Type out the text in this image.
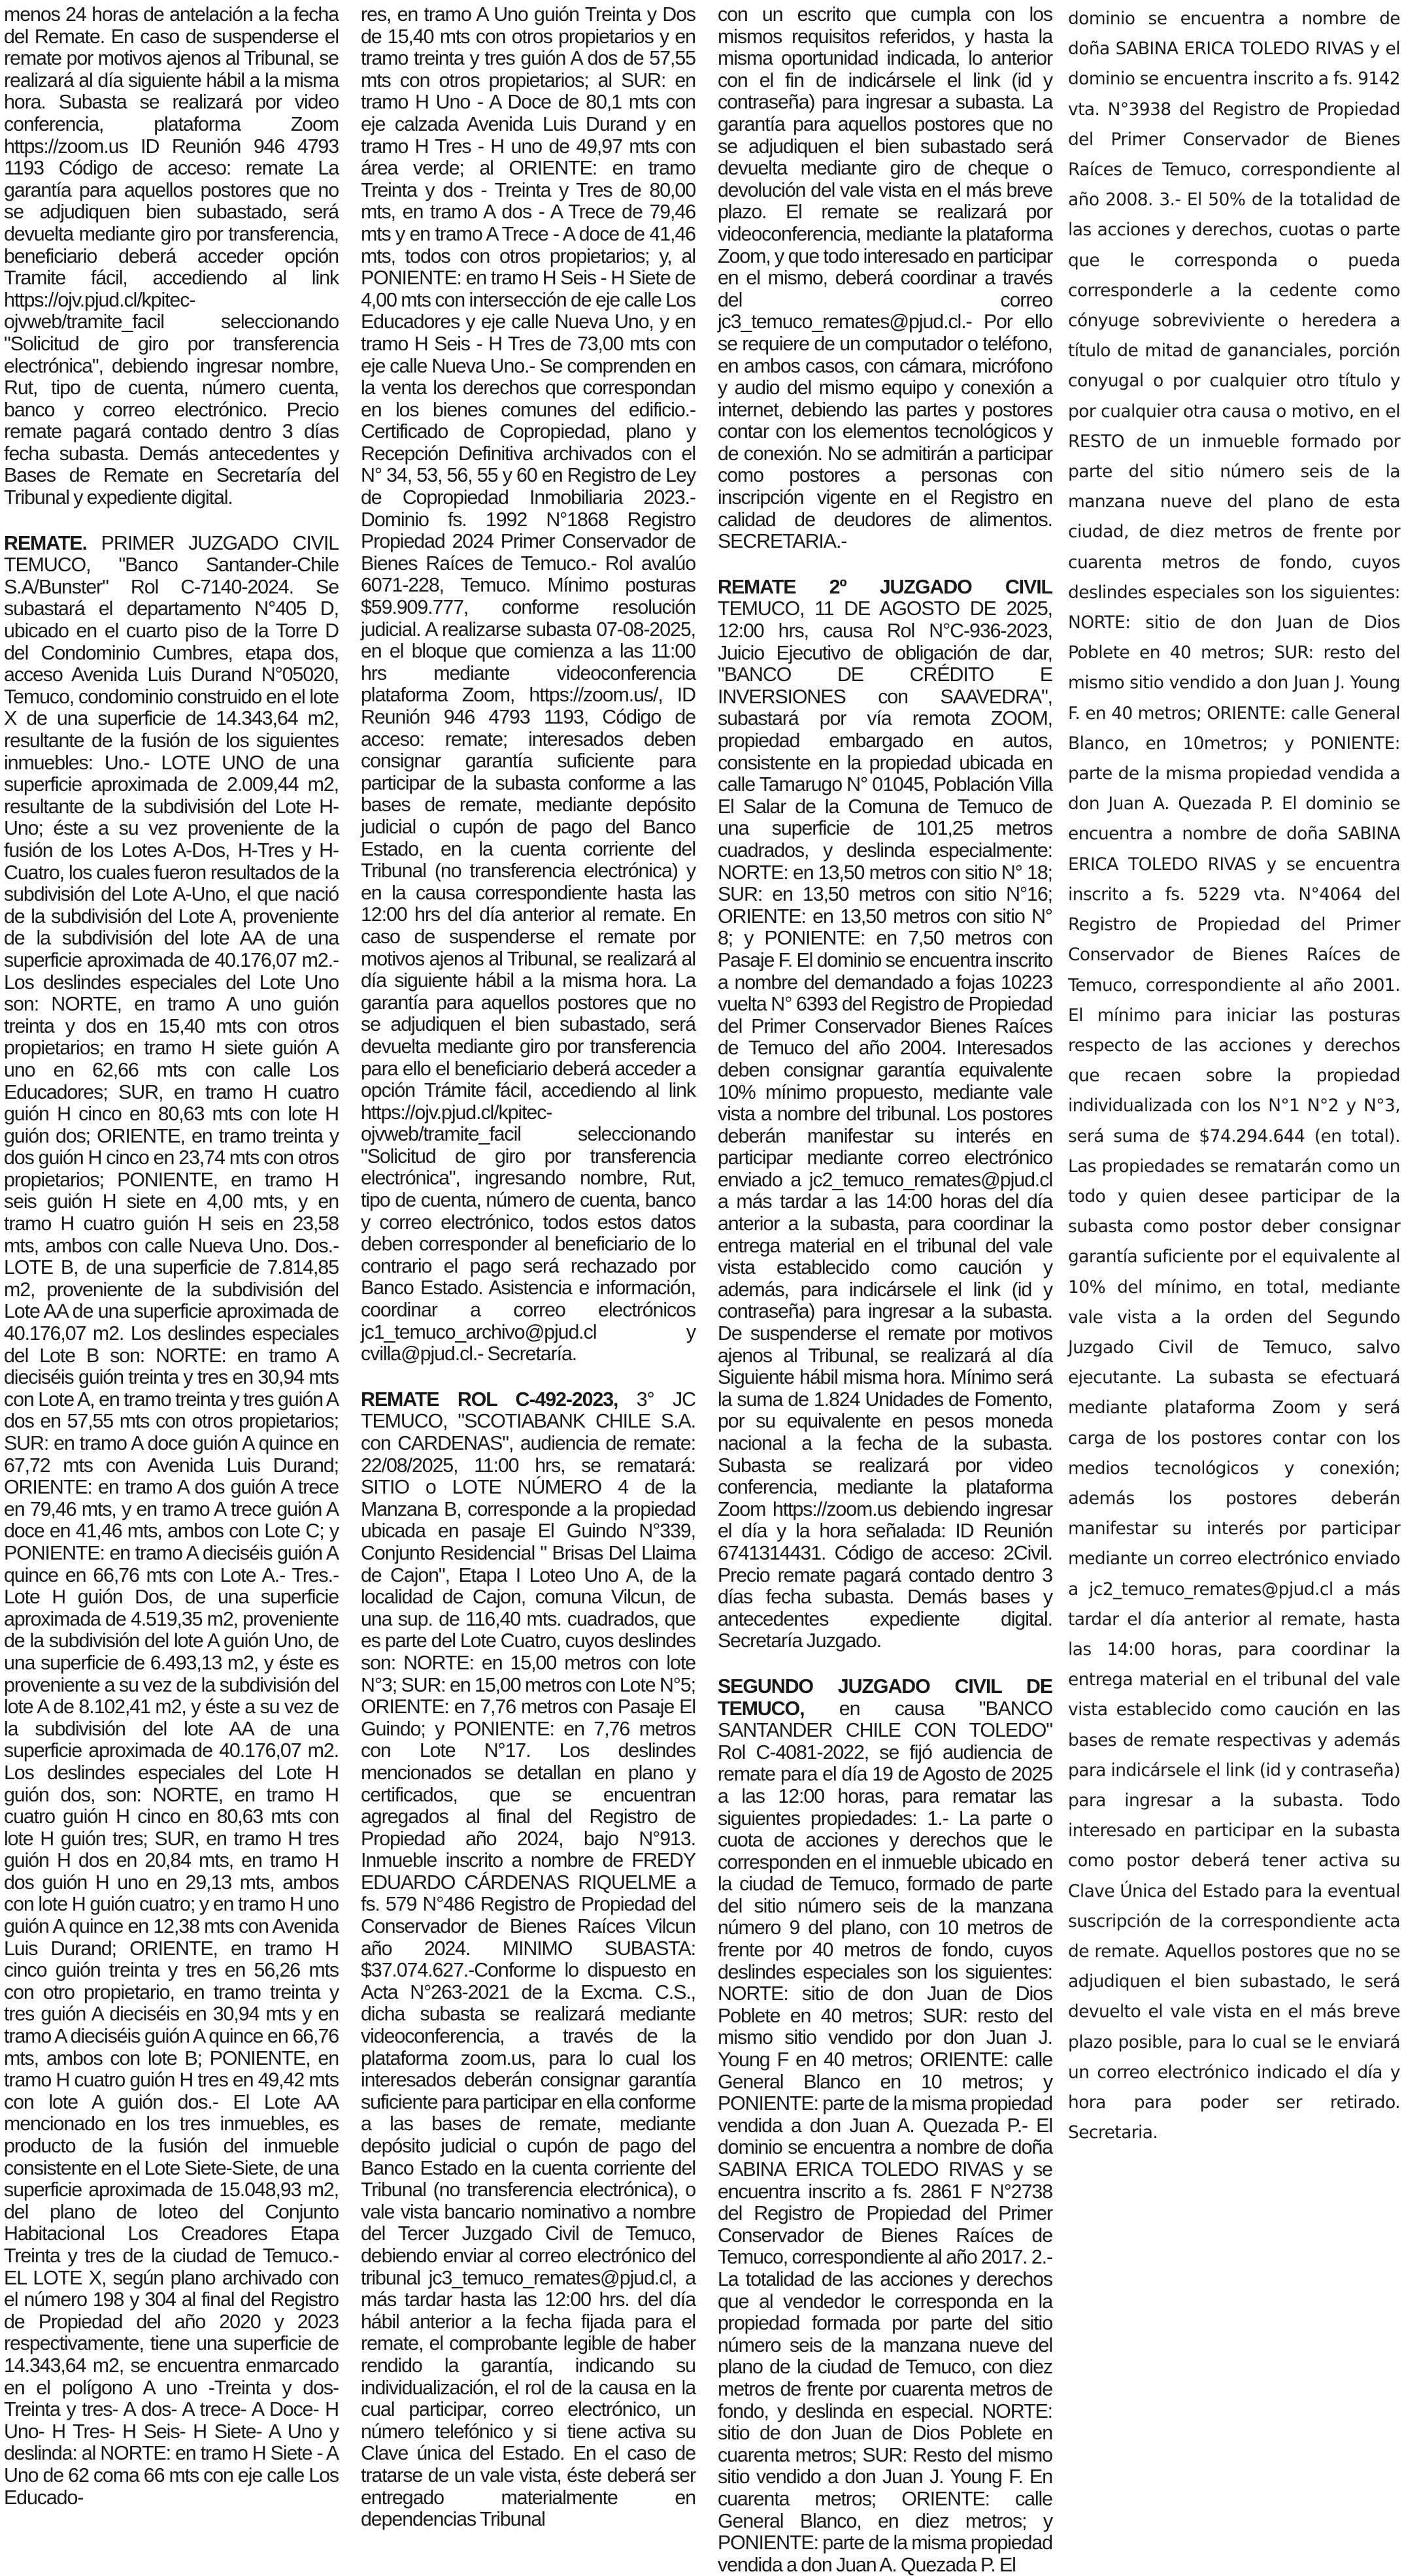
menos 24 horas de antelación a la fecha del Remate. En caso de suspenderse el remate por motivos ajenos al Tribunal, se realizará al día siguiente hábil a la misma hora. Subasta se realizará por video conferencia, plataforma Zoom https://zoom.us ID Reunión 946 4793 1193 Código de acceso: remate La garantía para aquellos postores que no se adjudiquen bien subastado, será devuelta mediante giro por transferencia, beneficiario deberá acceder opción Tramite fácil, accediendo al link https://ojv.pjud.cl/kpitec-ojvweb/tramite_facil seleccionando "Solicitud de giro por transferencia electrónica", debiendo ingresar nombre, Rut, tipo de cuenta, número cuenta, banco y correo electrónico. Precio remate pagará contado dentro 3 días fecha subasta. Demás antecedentes y Bases de Remate en Secretaría del Tribunal y expediente digital.

REMATE. PRIMER JUZGADO CIVIL TEMUCO, "Banco Santander-Chile S.A/Bunster" Rol C-7140-2024. Se subastará el departamento N°405 D, ubicado en el cuarto piso de la Torre D del Condominio Cumbres, etapa dos, acceso Avenida Luis Durand N°05020, Temuco, condominio construido en el lote X de una superficie de 14.343,64 m2, resultante de la fusión de los siguientes inmuebles: Uno.- LOTE UNO de una superficie aproximada de 2.009,44 m2, resultante de la subdivisión del Lote H-Uno; éste a su vez proveniente de la fusión de los Lotes A-Dos, H-Tres y H-Cuatro, los cuales fueron resultados de la subdivisión del Lote A-Uno, el que nació de la subdivisión del Lote A, proveniente de la subdivisión del lote AA de una superficie aproximada de 40.176,07 m2.- Los deslindes especiales del Lote Uno son: NORTE, en tramo A uno guión treinta y dos en 15,40 mts con otros propietarios; en tramo H siete guión A uno en 62,66 mts con calle Los Educadores; SUR, en tramo H cuatro guión H cinco en 80,63 mts con lote H guión dos; ORIENTE, en tramo treinta y dos guión H cinco en 23,74 mts con otros propietarios; PONIENTE, en tramo H seis guión H siete en 4,00 mts, y en tramo H cuatro guión H seis en 23,58 mts, ambos con calle Nueva Uno. Dos.- LOTE B, de una superficie de 7.814,85 m2, proveniente de la subdivisión del Lote AA de una superficie aproximada de 40.176,07 m2. Los deslindes especiales del Lote B son: NORTE: en tramo A dieciséis guión treinta y tres en 30,94 mts con Lote A, en tramo treinta y tres guión A dos en 57,55 mts con otros propietarios; SUR: en tramo A doce guión A quince en 67,72 mts con Avenida Luis Durand; ORIENTE: en tramo A dos guión A trece en 79,46 mts, y en tramo A trece guión A doce en 41,46 mts, ambos con Lote C; y PONIENTE: en tramo A dieciséis guión A quince en 66,76 mts con Lote A.- Tres.- Lote H guión Dos, de una superficie aproximada de 4.519,35 m2, proveniente de la subdivisión del lote A guión Uno, de una superficie de 6.493,13 m2, y éste es proveniente a su vez de la subdivisión del lote A de 8.102,41 m2, y éste a su vez de la subdivisión del lote AA de una superficie aproximada de 40.176,07 m2. Los deslindes especiales del Lote H guión dos, son: NORTE, en tramo H cuatro guión H cinco en 80,63 mts con lote H guión tres; SUR, en tramo H tres guión H dos en 20,84 mts, en tramo H dos guión H uno en 29,13 mts, ambos con lote H guión cuatro; y en tramo H uno guión A quince en 12,38 mts con Avenida Luis Durand; ORIENTE, en tramo H cinco guión treinta y tres en 56,26 mts con otro propietario, en tramo treinta y tres guión A dieciséis en 30,94 mts y en tramo A dieciséis guión A quince en 66,76 mts, ambos con lote B; PONIENTE, en tramo H cuatro guión H tres en 49,42 mts con lote A guión dos.- El Lote AA mencionado en los tres inmuebles, es producto de la fusión del inmueble consistente en el Lote Siete-Siete, de una superficie aproximada de 15.048,93 m2, del plano de loteo del Conjunto Habitacional Los Creadores Etapa Treinta y tres de la ciudad de Temuco.- EL LOTE X, según plano archivado con el número 198 y 304 al final del Registro de Propiedad del año 2020 y 2023 respectivamente, tiene una superficie de 14.343,64 m2, se encuentra enmarcado en el polígono A uno -Treinta y dos- Treinta y tres- A dos- A trece- A Doce- H Uno- H Tres- H Seis- H Siete- A Uno y deslinda: al NORTE: en tramo H Siete - A Uno de 62 coma 66 mts con eje calle Los Educado-

res, en tramo A Uno guión Treinta y Dos de 15,40 mts con otros propietarios y en tramo treinta y tres guión A dos de 57,55 mts con otros propietarios; al SUR: en tramo H Uno - A Doce de 80,1 mts con eje calzada Avenida Luis Durand y en tramo H Tres - H uno de 49,97 mts con área verde; al ORIENTE: en tramo Treinta y dos - Treinta y Tres de 80,00 mts, en tramo A dos - A Trece de 79,46 mts y en tramo A Trece - A doce de 41,46 mts, todos con otros propietarios; y, al PONIENTE: en tramo H Seis - H Siete de 4,00 mts con intersección de eje calle Los Educadores y eje calle Nueva Uno, y en tramo H Seis - H Tres de 73,00 mts con eje calle Nueva Uno.- Se comprenden en la venta los derechos que correspondan en los bienes comunes del edificio.- Certificado de Copropiedad, plano y Recepción Definitiva archivados con el N° 34, 53, 56, 55 y 60 en Registro de Ley de Copropiedad Inmobiliaria 2023.- Dominio fs. 1992 N°1868 Registro Propiedad 2024 Primer Conservador de Bienes Raíces de Temuco.- Rol avalúo 6071-228, Temuco. Mínimo posturas $59.909.777, conforme resolución judicial. A realizarse subasta 07-08-2025, en el bloque que comienza a las 11:00 hrs mediante videoconferencia plataforma Zoom, https://zoom.us/, ID Reunión 946 4793 1193, Código de acceso: remate; interesados deben consignar garantía suficiente para participar de la subasta conforme a las bases de remate, mediante depósito judicial o cupón de pago del Banco Estado, en la cuenta corriente del Tribunal (no transferencia electrónica) y en la causa correspondiente hasta las 12:00 hrs del día anterior al remate. En caso de suspenderse el remate por motivos ajenos al Tribunal, se realizará al día siguiente hábil a la misma hora. La garantía para aquellos postores que no se adjudiquen el bien subastado, será devuelta mediante giro por transferencia para ello el beneficiario deberá acceder a opción Trámite fácil, accediendo al link https://ojv.pjud.cl/kpitec-ojvweb/tramite_facil seleccionando "Solicitud de giro por transferencia electrónica", ingresando nombre, Rut, tipo de cuenta, número de cuenta, banco y correo electrónico, todos estos datos deben corresponder al beneficiario de lo contrario el pago será rechazado por Banco Estado. Asistencia e información, coordinar a correo electrónicos jc1_temuco_archivo@pjud.cl y cvilla@pjud.cl.- Secretaría.

REMATE ROL C-492-2023, 3° JC TEMUCO, "SCOTIABANK CHILE S.A. con CARDENAS", audiencia de remate: 22/08/2025, 11:00 hrs, se rematará: SITIO o LOTE NÚMERO 4 de la Manzana B, corresponde a la propiedad ubicada en pasaje El Guindo N°339, Conjunto Residencial " Brisas Del Llaima de Cajon", Etapa I Loteo Uno A, de la localidad de Cajon, comuna Vilcun, de una sup. de 116,40 mts. cuadrados, que es parte del Lote Cuatro, cuyos deslindes son: NORTE: en 15,00 metros con lote N°3; SUR: en 15,00 metros con Lote N°5; ORIENTE: en 7,76 metros con Pasaje El Guindo; y PONIENTE: en 7,76 metros con Lote N°17. Los deslindes mencionados se detallan en plano y certificados, que se encuentran agregados al final del Registro de Propiedad año 2024, bajo N°913. Inmueble inscrito a nombre de FREDY EDUARDO CÁRDENAS RIQUELME a fs. 579 N°486 Registro de Propiedad del Conservador de Bienes Raíces Vilcun año 2024. MINIMO SUBASTA: $37.074.627.-Conforme lo dispuesto en Acta N°263-2021 de la Excma. C.S., dicha subasta se realizará mediante videoconferencia, a través de la plataforma zoom.us, para lo cual los interesados deberán consignar garantía suficiente para participar en ella conforme a las bases de remate, mediante depósito judicial o cupón de pago del Banco Estado en la cuenta corriente del Tribunal (no transferencia electrónica), o vale vista bancario nominativo a nombre del Tercer Juzgado Civil de Temuco, debiendo enviar al correo electrónico del tribunal jc3_temuco_remates@pjud.cl, a más tardar hasta las 12:00 hrs. del día hábil anterior a la fecha fijada para el remate, el comprobante legible de haber rendido la garantía, indicando su individualización, el rol de la causa en la cual participar, correo electrónico, un número telefónico y si tiene activa su Clave única del Estado. En el caso de tratarse de un vale vista, éste deberá ser entregado materialmente en dependencias Tribunal

con un escrito que cumpla con los mismos requisitos referidos, y hasta la misma oportunidad indicada, lo anterior con el fin de indicársele el link (id y contraseña) para ingresar a subasta. La garantía para aquellos postores que no se adjudiquen el bien subastado será devuelta mediante giro de cheque o devolución del vale vista en el más breve plazo. El remate se realizará por videoconferencia, mediante la plataforma Zoom, y que todo interesado en participar en el mismo, deberá coordinar a través del correo jc3_temuco_remates@pjud.cl.- Por ello se requiere de un computador o teléfono, en ambos casos, con cámara, micrófono y audio del mismo equipo y conexión a internet, debiendo las partes y postores contar con los elementos tecnológicos y de conexión. No se admitirán a participar como postores a personas con inscripción vigente en el Registro en calidad de deudores de alimentos. SECRETARIA.-

REMATE 2º JUZGADO CIVIL TEMUCO, 11 DE AGOSTO DE 2025, 12:00 hrs, causa Rol N°C-936-2023, Juicio Ejecutivo de obligación de dar, "BANCO DE CRÉDITO E INVERSIONES con SAAVEDRA", subastará por vía remota ZOOM, propiedad embargado en autos, consistente en la propiedad ubicada en calle Tamarugo N° 01045, Población Villa El Salar de la Comuna de Temuco de una superficie de 101,25 metros cuadrados, y deslinda especialmente: NORTE: en 13,50 metros con sitio N° 18; SUR: en 13,50 metros con sitio N°16; ORIENTE: en 13,50 metros con sitio N° 8; y PONIENTE: en 7,50 metros con Pasaje F. El dominio se encuentra inscrito a nombre del demandado a fojas 10223 vuelta N° 6393 del Registro de Propiedad del Primer Conservador Bienes Raíces de Temuco del año 2004. Interesados deben consignar garantía equivalente 10% mínimo propuesto, mediante vale vista a nombre del tribunal. Los postores deberán manifestar su interés en participar mediante correo electrónico enviado a jc2_temuco_remates@pjud.cl a más tardar a las 14:00 horas del día anterior a la subasta, para coordinar la entrega material en el tribunal del vale vista establecido como caución y además, para indicársele el link (id y contraseña) para ingresar a la subasta. De suspenderse el remate por motivos ajenos al Tribunal, se realizará al día Siguiente hábil misma hora. Mínimo será la suma de 1.824 Unidades de Fomento, por su equivalente en pesos moneda nacional a la fecha de la subasta. Subasta se realizará por video conferencia, mediante la plataforma Zoom https://zoom.us debiendo ingresar el día y la hora señalada: ID Reunión 6741314431. Código de acceso: 2Civil. Precio remate pagará contado dentro 3 días fecha subasta. Demás bases y antecedentes expediente digital. Secretaría Juzgado.

SEGUNDO JUZGADO CIVIL DE TEMUCO, en causa "BANCO SANTANDER CHILE CON TOLEDO" Rol C-4081-2022, se fijó audiencia de remate para el día 19 de Agosto de 2025 a las 12:00 horas, para rematar las siguientes propiedades: 1.- La parte o cuota de acciones y derechos que le corresponden en el inmueble ubicado en la ciudad de Temuco, formado de parte del sitio número seis de la manzana número 9 del plano, con 10 metros de frente por 40 metros de fondo, cuyos deslindes especiales son los siguientes: NORTE: sitio de don Juan de Dios Poblete en 40 metros; SUR: resto del mismo sitio vendido por don Juan J. Young F en 40 metros; ORIENTE: calle General Blanco en 10 metros; y PONIENTE: parte de la misma propiedad vendida a don Juan A. Quezada P.- El dominio se encuentra a nombre de doña SABINA ERICA TOLEDO RIVAS y se encuentra inscrito a fs. 2861 F N°2738 del Registro de Propiedad del Primer Conservador de Bienes Raíces de Temuco, correspondiente al año 2017. 2.- La totalidad de las acciones y derechos que al vendedor le corresponda en la propiedad formada por parte del sitio número seis de la manzana nueve del plano de la ciudad de Temuco, con diez metros de frente por cuarenta metros de fondo, y deslinda en especial. NORTE: sitio de don Juan de Dios Poblete en cuarenta metros; SUR: Resto del mismo sitio vendido a don Juan J. Young F. En cuarenta metros; ORIENTE: calle General Blanco, en diez metros; y PONIENTE: parte de la misma propiedad vendida a don Juan A. Quezada P. El

dominio se encuentra a nombre de doña SABINA ERICA TOLEDO RIVAS y el dominio se encuentra inscrito a fs. 9142 vta. N°3938 del Registro de Propiedad del Primer Conservador de Bienes Raíces de Temuco, correspondiente al año 2008. 3.- El 50% de la totalidad de las acciones y derechos, cuotas o parte que le corresponda o pueda corresponderle a la cedente como cónyuge sobreviviente o heredera a título de mitad de gananciales, porción conyugal o por cualquier otro título y por cualquier otra causa o motivo, en el RESTO de un inmueble formado por parte del sitio número seis de la manzana nueve del plano de esta ciudad, de diez metros de frente por cuarenta metros de fondo, cuyos deslindes especiales son los siguientes: NORTE: sitio de don Juan de Dios Poblete en 40 metros; SUR: resto del mismo sitio vendido a don Juan J. Young F. en 40 metros; ORIENTE: calle General Blanco, en 10metros; y PONIENTE: parte de la misma propiedad vendida a don Juan A. Quezada P. El dominio se encuentra a nombre de doña SABINA ERICA TOLEDO RIVAS y se encuentra inscrito a fs. 5229 vta. N°4064 del Registro de Propiedad del Primer Conservador de Bienes Raíces de Temuco, correspondiente al año 2001. El mínimo para iniciar las posturas respecto de las acciones y derechos que recaen sobre la propiedad individualizada con los N°1 N°2 y N°3, será suma de $74.294.644 (en total). Las propiedades se rematarán como un todo y quien desee participar de la subasta como postor deber consignar garantía suficiente por el equivalente al 10% del mínimo, en total, mediante vale vista a la orden del Segundo Juzgado Civil de Temuco, salvo ejecutante. La subasta se efectuará mediante plataforma Zoom y será carga de los postores contar con los medios tecnológicos y conexión; además los postores deberán manifestar su interés por participar mediante un correo electrónico enviado a jc2_temuco_remates@pjud.cl a más tardar el día anterior al remate, hasta las 14:00 horas, para coordinar la entrega material en el tribunal del vale vista establecido como caución en las bases de remate respectivas y además para indicársele el link (id y contraseña) para ingresar a la subasta. Todo interesado en participar en la subasta como postor deberá tener activa su Clave Única del Estado para la eventual suscripción de la correspondiente acta de remate. Aquellos postores que no se adjudiquen el bien subastado, le será devuelto el vale vista en el más breve plazo posible, para lo cual se le enviará un correo electrónico indicado el día y hora para poder ser retirado. Secretaria.
